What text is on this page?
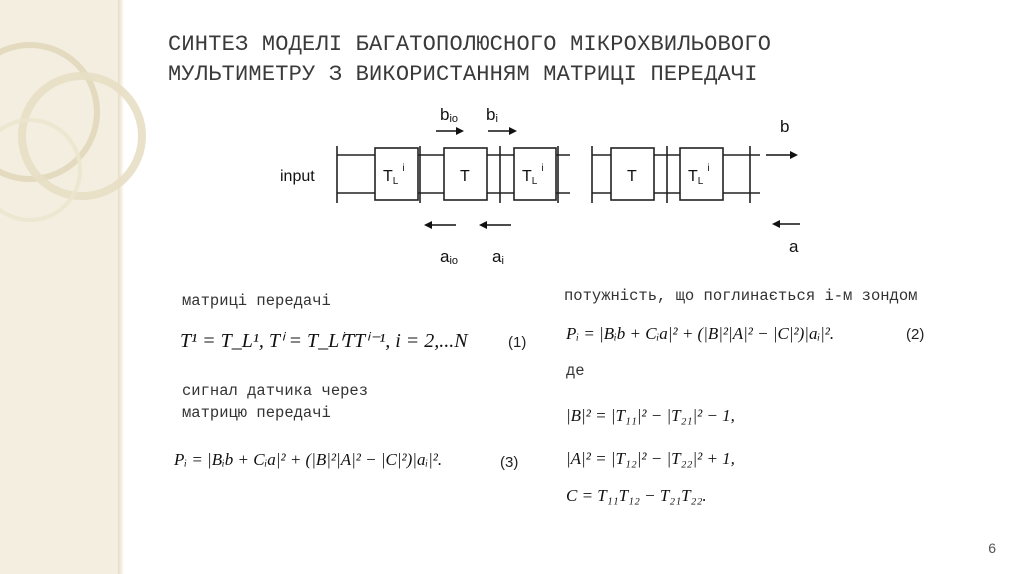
СИНТЕЗ МОДЕЛІ БАГАТОПОЛЮСНОГО МІКРОХВИЛЬОВОГО
МУЛЬТИМЕТРУ З ВИКОРИСТАННЯМ МАТРИЦІ ПЕРЕДАЧІ
$TL^i$	T	$TL^i$	T	$TL^i$
input
bio bi
aio ai
b
a
матриці передачі
T¹ = T_L¹, Tⁱ = T_LⁱTTⁱ⁻¹, i = 2,...N	(1)
сигнал датчика через
матрицю передачі
Pᵢ = |Bᵢb + Cᵢa|² + (|B|²|A|² − |C|²)|aᵢ|².	(3)
потужність, що поглинається і-м зондом
Pᵢ = |Bᵢb + Cᵢa|² + (|B|²|A|² − |C|²)|aᵢ|².	(2)
де
|B|² = |T₁₁|² − |T₂₁|² − 1,
|A|² = |T₁₂|² − |T₂₂|² + 1,
C = T₁₁T₁₂ − T₂₁T₂₂.
6
